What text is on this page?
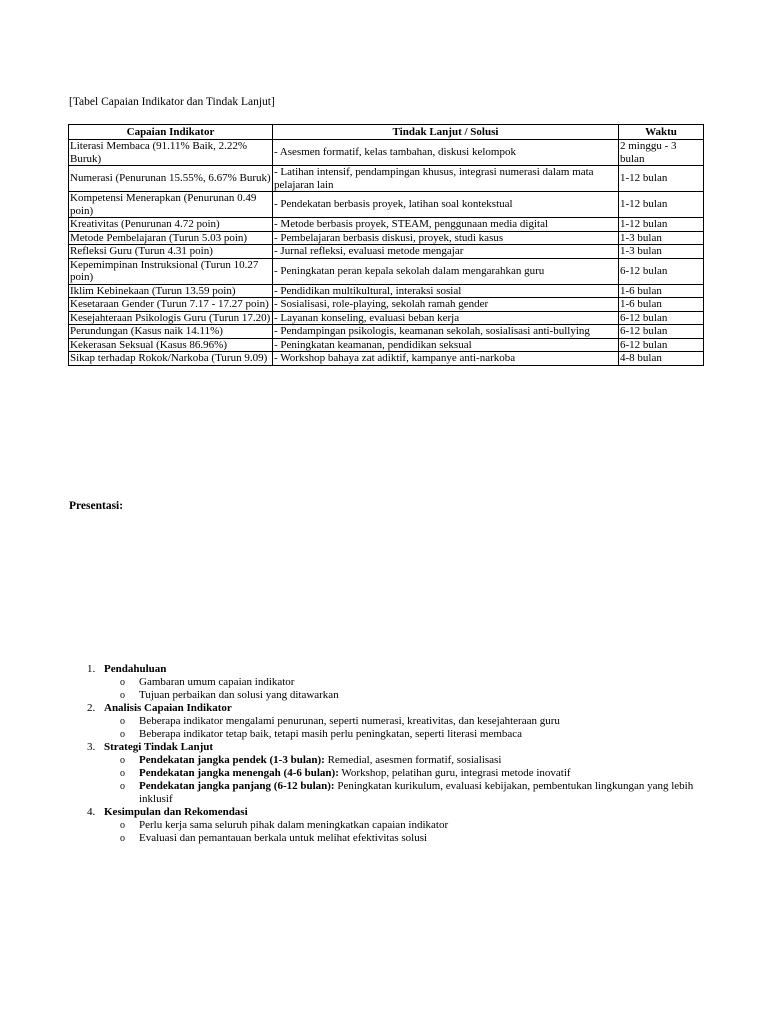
[Tabel Capaian Indikator dan Tindak Lanjut]
Capaian Indikator	Tindak Lanjut / Solusi	Waktu
Literasi Membaca (91.11% Baik, 2.22% Buruk)	- Asesmen formatif, kelas tambahan, diskusi kelompok	2 minggu - 3 bulan
Numerasi (Penurunan 15.55%, 6.67% Buruk)	- Latihan intensif, pendampingan khusus, integrasi numerasi dalam mata pelajaran lain	1-12 bulan
Kompetensi Menerapkan (Penurunan 0.49 poin)	- Pendekatan berbasis proyek, latihan soal kontekstual	1-12 bulan
Kreativitas (Penurunan 4.72 poin)	- Metode berbasis proyek, STEAM, penggunaan media digital	1-12 bulan
Metode Pembelajaran (Turun 5.03 poin)	- Pembelajaran berbasis diskusi, proyek, studi kasus	1-3 bulan
Refleksi Guru (Turun 4.31 poin)	- Jurnal refleksi, evaluasi metode mengajar	1-3 bulan
Kepemimpinan Instruksional (Turun 10.27 poin)	- Peningkatan peran kepala sekolah dalam mengarahkan guru	6-12 bulan
Iklim Kebinekaan (Turun 13.59 poin)	- Pendidikan multikultural, interaksi sosial	1-6 bulan
Kesetaraan Gender (Turun 7.17 - 17.27 poin)	- Sosialisasi, role-playing, sekolah ramah gender	1-6 bulan
Kesejahteraan Psikologis Guru (Turun 17.20)	- Layanan konseling, evaluasi beban kerja	6-12 bulan
Perundungan (Kasus naik 14.11%)	- Pendampingan psikologis, keamanan sekolah, sosialisasi anti-bullying	6-12 bulan
Kekerasan Seksual (Kasus 86.96%)	- Peningkatan keamanan, pendidikan seksual	6-12 bulan
Sikap terhadap Rokok/Narkoba (Turun 9.09)	- Workshop bahaya zat adiktif, kampanye anti-narkoba	4-8 bulan
Presentasi:
1. Pendahuluan
o Gambaran umum capaian indikator
o Tujuan perbaikan dan solusi yang ditawarkan
2. Analisis Capaian Indikator
o Beberapa indikator mengalami penurunan, seperti numerasi, kreativitas, dan kesejahteraan guru
o Beberapa indikator tetap baik, tetapi masih perlu peningkatan, seperti literasi membaca
3. Strategi Tindak Lanjut
o Pendekatan jangka pendek (1-3 bulan): Remedial, asesmen formatif, sosialisasi
o Pendekatan jangka menengah (4-6 bulan): Workshop, pelatihan guru, integrasi metode inovatif
o Pendekatan jangka panjang (6-12 bulan): Peningkatan kurikulum, evaluasi kebijakan, pembentukan lingkungan yang lebih inklusif
4. Kesimpulan dan Rekomendasi
o Perlu kerja sama seluruh pihak dalam meningkatkan capaian indikator
o Evaluasi dan pemantauan berkala untuk melihat efektivitas solusi
